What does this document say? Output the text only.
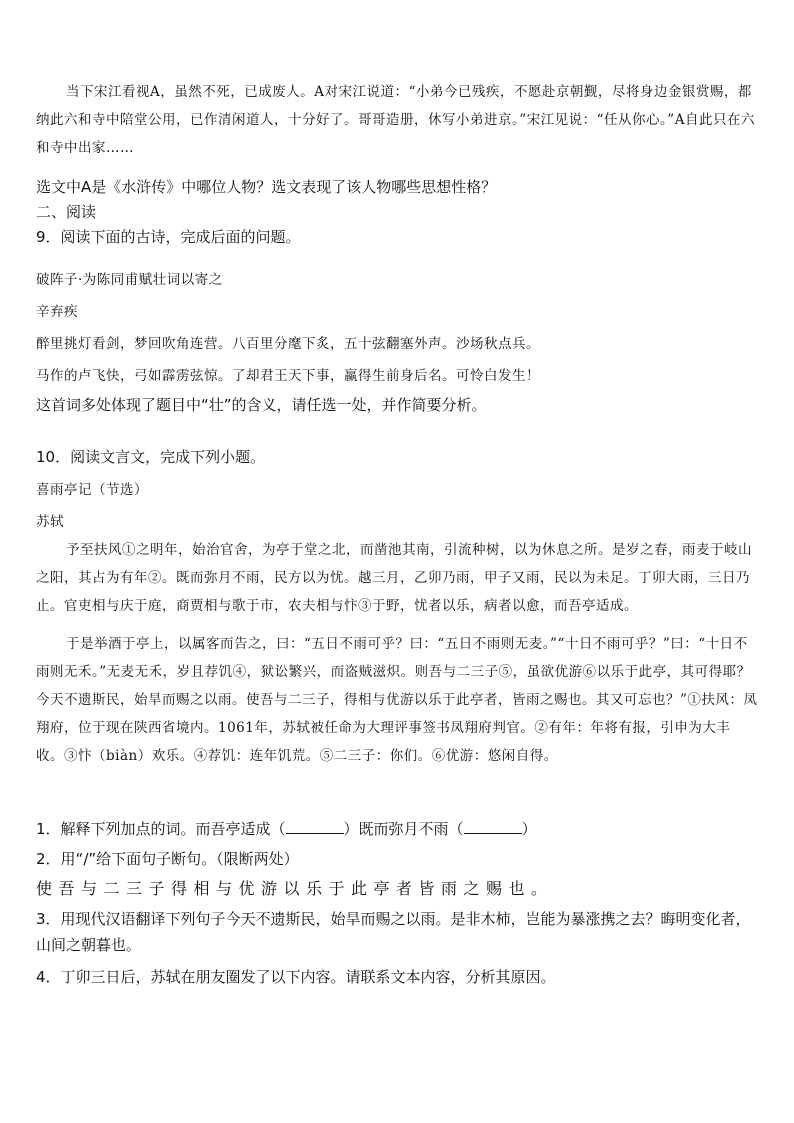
当下宋江看视A，虽然不死，已成废人。A对宋江说道：“小弟今已残疾，不愿赴京朝觐，尽将身边金银赏赐，都纳此六和寺中陪堂公用，已作清闲道人，十分好了。哥哥造册，休写小弟进京。”宋江见说：“任从你心。”A自此只在六和寺中出家……

选文中A是《水浒传》中哪位人物？选文表现了该人物哪些思想性格？

二、阅读

9．阅读下面的古诗，完成后面的问题。

破阵子·为陈同甫赋壮词以寄之

辛弃疾

醉里挑灯看剑，梦回吹角连营。八百里分麾下炙，五十弦翻塞外声。沙场秋点兵。

马作的卢飞快，弓如霹雳弦惊。了却君王天下事，赢得生前身后名。可怜白发生！

这首词多处体现了题目中“壮”的含义，请任选一处，并作简要分析。

10．阅读文言文，完成下列小题。

喜雨亭记（节选）

苏轼

予至扶风①之明年，始治官舍，为亭于堂之北，而凿池其南，引流种树，以为休息之所。是岁之春，雨麦于岐山之阳，其占为有年②。既而弥月不雨，民方以为忧。越三月，乙卯乃雨，甲子又雨，民以为未足。丁卯大雨，三日乃止。官吏相与庆于庭，商贾相与歌于市，农夫相与忭③于野，忧者以乐，病者以愈，而吾亭适成。

于是举酒于亭上，以属客而告之，曰：“五日不雨可乎？曰：“五日不雨则无麦。”“十日不雨可乎？”曰：“十日不雨则无禾。”无麦无禾，岁且荐饥④，狱讼繁兴，而盗贼滋炽。则吾与二三子⑤，虽欲优游⑥以乐于此亭，其可得耶？今天不遗斯民，始旱而赐之以雨。使吾与二三子，得相与优游以乐于此亭者，皆雨之赐也。其又可忘也？”①扶风：凤翔府，位于现在陕西省境内。1061年，苏轼被任命为大理评事签书凤翔府判官。②有年：年将有报，引申为大丰收。③忭（biàn）欢乐。④荐饥：连年饥荒。⑤二三子：你们。⑥优游：悠闲自得。

1．解释下列加点的词。而吾亭适成（	）既而弥月不雨（	）

2．用“/”给下面句子断句。（限断两处）

使吾与二三子得相与优游以乐于此亭者皆雨之赐也。

3．用现代汉语翻译下列句子今天不遗斯民，始旱而赐之以雨。是非木柿，岂能为暴涨携之去？晦明变化者，山间之朝暮也。

4．丁卯三日后，苏轼在朋友圈发了以下内容。请联系文本内容，分析其原因。
